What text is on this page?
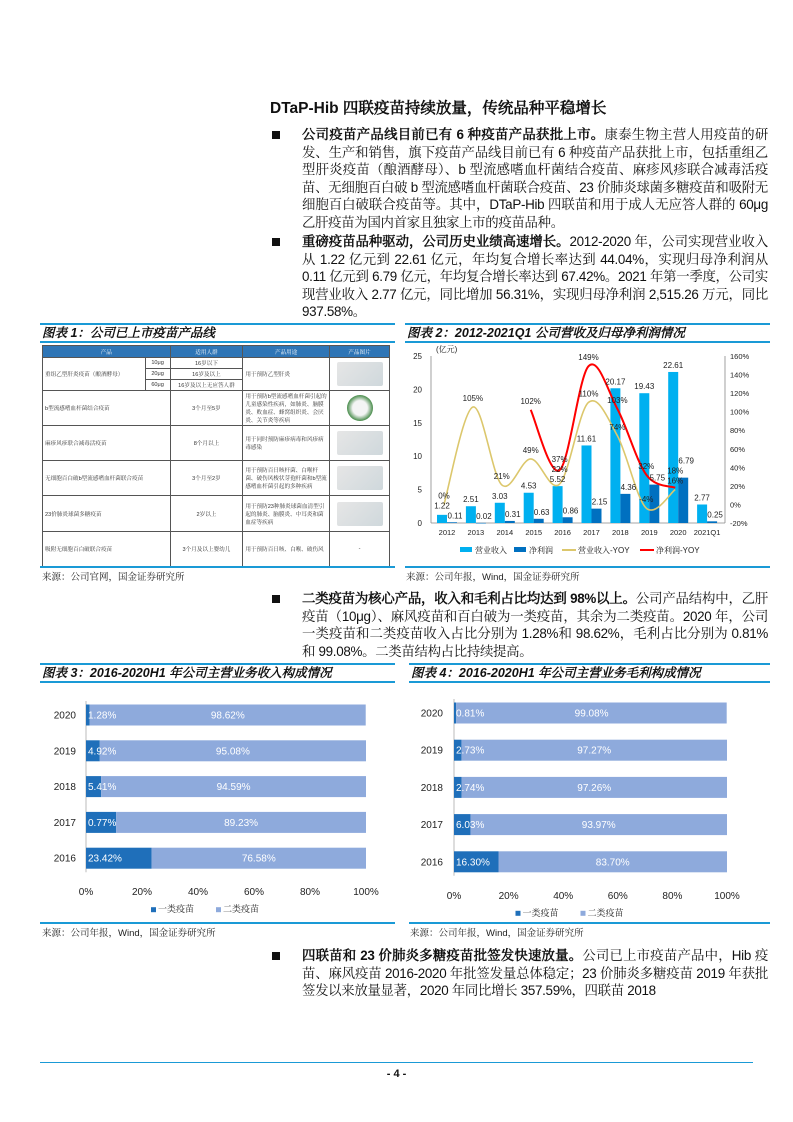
DTaP-Hib 四联疫苗持续放量，传统品种平稳增长
公司疫苗产品线目前已有 6 种疫苗产品获批上市。康泰生物主营人用疫苗的研发、生产和销售，旗下疫苗产品线目前已有 6 种疫苗产品获批上市，包括重组乙型肝炎疫苗（酿酒酵母）、b 型流感嗜血杆菌结合疫苗、麻疹风疹联合减毒活疫苗、无细胞百白破 b 型流感嗜血杆菌联合疫苗、23 价肺炎球菌多糖疫苗和吸附无细胞百白破联合疫苗等。其中，DTaP-Hib 四联苗和用于成人无应答人群的 60μg 乙肝疫苗为国内首家且独家上市的疫苗品种。
重磅疫苗品种驱动，公司历史业绩高速增长。2012-2020 年，公司实现营业收入从 1.22 亿元到 22.61 亿元，年均复合增长率达到 44.04%，实现归母净利润从 0.11 亿元到 6.79 亿元，年均复合增长率达到 67.42%。2021 年第一季度，公司实现营业收入 2.77 亿元，同比增加 56.31%，实现归母净利润 2,515.26 万元，同比 937.58%。
图表 1：公司已上市疫苗产品线
产品		适用人群	产品用途	产品图片
重组乙型肝炎疫苗（酿酒酵母）	10μg	16岁以下	用于预防乙型肝炎	

	20μg	16岁及以上		
	60μg	16岁及以上无应答人群		
b型流感嗜血杆菌结合疫苗		3个月至5岁	用于预防b型流感嗜血杆菌引起的儿童感染性疾病，如肺炎、脑膜炎、败血症、蜂窝组织炎、会厌炎、关节炎等疾病	

麻疹风疹联合减毒活疫苗		8个月以上	用于同时预防麻疹病毒和风疹病毒感染	

无细胞百白破b型流感嗜血杆菌联合疫苗		3个月至2岁	用于预防百日咳杆菌、白喉杆菌、破伤风梭状芽孢杆菌和b型流感嗜血杆菌引起的多种疾病	

23价肺炎球菌多糖疫苗		2岁以上	用于预防23种肺炎球菌血清型引起的肺炎、脑膜炎、中耳炎和菌血症等疾病	

吸附无细胞百白破联合疫苗		3个月及以上婴幼儿	用于预防百日咳、白喉、破伤风	-
来源：公司官网，国金证券研究所
图表 2：2012-2021Q1 公司营收及归母净利润情况
0
5
10
15
20
25
-20%
0%
20%
40%
60%
80%
100%
120%
140%
160%
(亿元)
2012 2013 2014 2015 2016 2017 2018 2019 2020 2021Q1
1.22
2.51 3.03
4.53
5.52
11.61
20.17
19.43
22.61
2.77
0.11 0.02 0.31 0.63 0.86
2.15
4.36
5.75
6.79
0.25
0%
105%
21%
49%
22%
110%
74%
-4%
16%
102%
37%
149%
103%
32%
18%
营业收入	净利润	营业收入-YOY	净利润-YOY
来源：公司年报，Wind，国金证券研究所
二类疫苗为核心产品，收入和毛利占比均达到 98%以上。公司产品结构中，乙肝疫苗（10μg）、麻风疫苗和百白破为一类疫苗，其余为二类疫苗。2020 年，公司一类疫苗和二类疫苗收入占比分别为 1.28%和 98.62%，毛利占比分别为 0.81%和 99.08%。二类苗结构占比持续提高。
图表 3：2016-2020H1 年公司主营业务收入构成情况
2020 1.28%	98.62%
2019 4.92%	95.08%
2018 5.41%	94.59%
2017 0.77%	89.23%
2016 23.42%	76.58%
0%	20%	40%	60%	80%	100%
一类疫苗	二类疫苗
来源：公司年报，Wind，国金证券研究所
图表 4：2016-2020H1 年公司主营业务毛利构成情况
2020 0.81%	99.08%
2019 2.73%	97.27%
2018 2.74%	97.26%
2017 6.03%	93.97%
2016 16.30%	83.70%
0%	20%	40%	60%	80%	100%
一类疫苗	二类疫苗
来源：公司年报，Wind，国金证券研究所
四联苗和 23 价肺炎多糖疫苗批签发快速放量。公司已上市疫苗产品中，Hib 疫苗、麻风疫苗 2016-2020 年批签发量总体稳定；23 价肺炎多糖疫苗 2019 年获批签发以来放量显著，2020 年同比增长 357.59%，四联苗 2018
- 4 -
